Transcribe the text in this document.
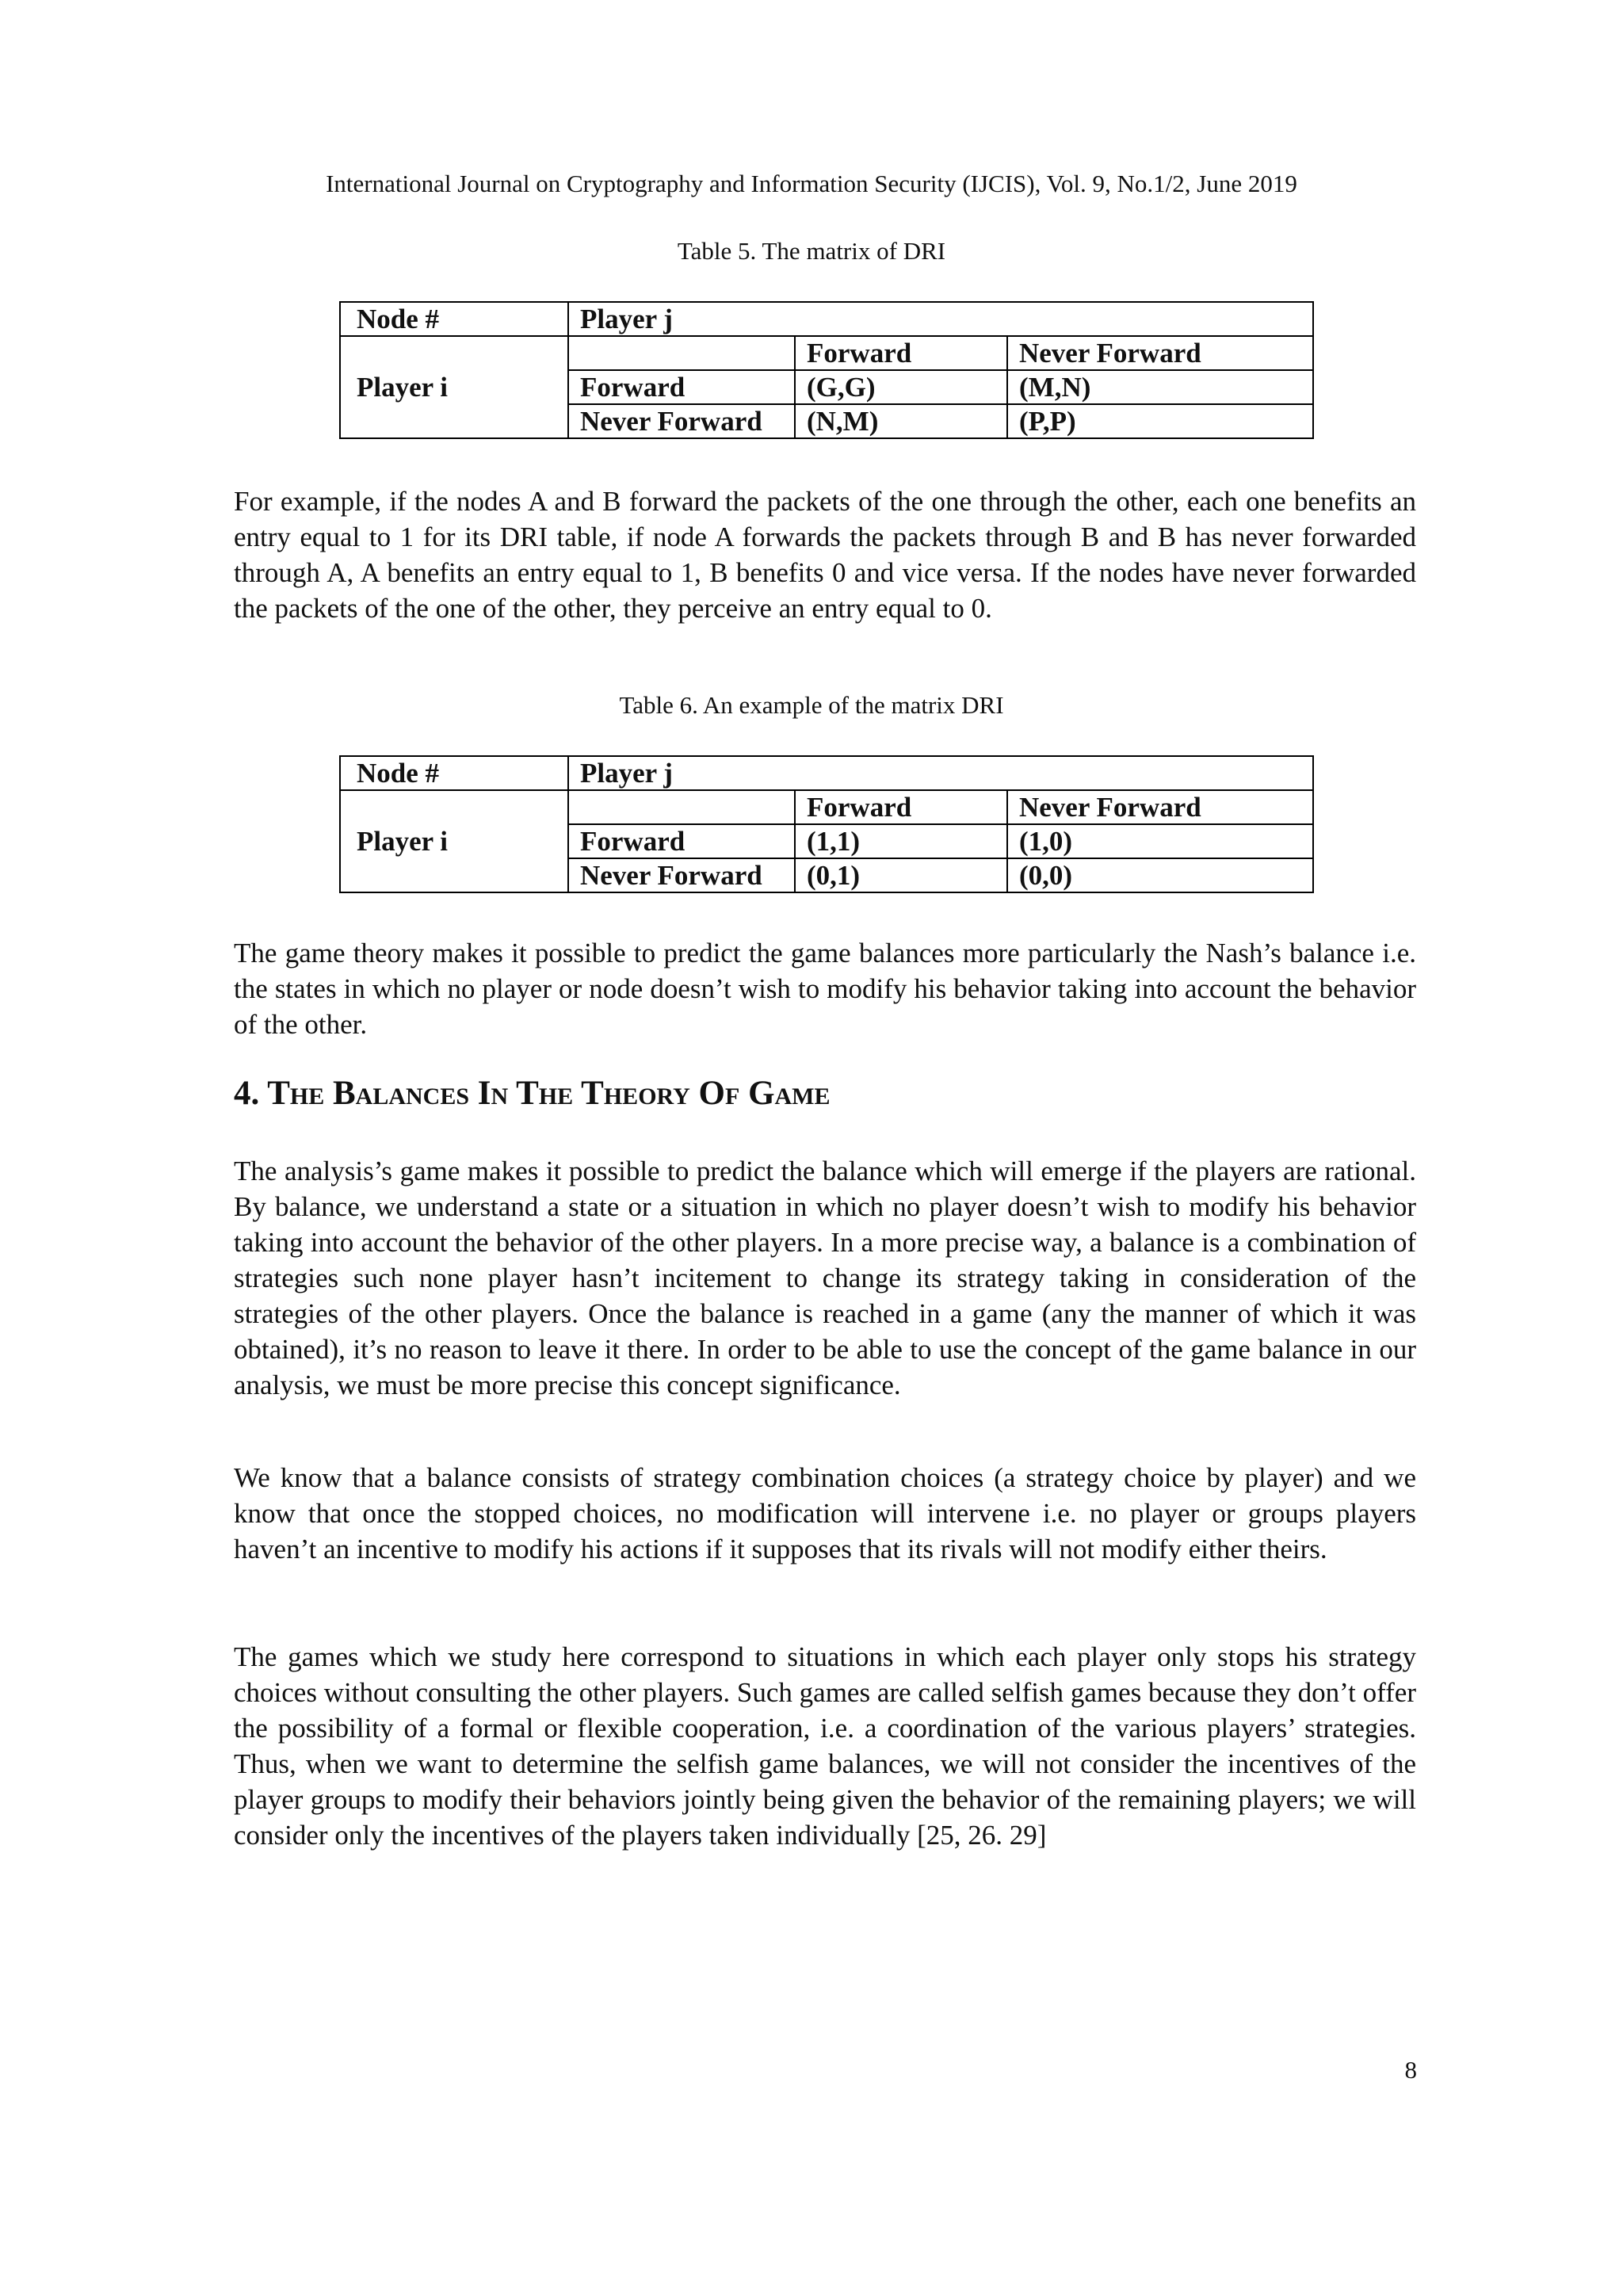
International Journal on Cryptography and Information Security (IJCIS), Vol. 9, No.1/2, June 2019
Table 5. The matrix of DRI
Node #	Player j		
Player i		Forward	Never Forward
	Forward	(G,G)	(M,N)
	Never Forward	(N,M)	(P,P)

For example, if the nodes A and B forward the packets of the one through the other, each one benefits an entry equal to 1 for its DRI table, if node A forwards the packets through B and B has never forwarded through A, A benefits an entry equal to 1, B benefits 0 and vice versa. If the nodes have never forwarded the packets of the one of the other, they perceive an entry equal to 0.

Table 6. An example of the matrix DRI
Node #	Player j		
Player i		Forward	Never Forward
	Forward	(1,1)	(1,0)
	Never Forward	(0,1)	(0,0)

The game theory makes it possible to predict the game balances more particularly the Nash’s balance i.e. the states in which no player or node doesn’t wish to modify his behavior taking into account the behavior of the other.

4. The Balances In The Theory Of Game

The analysis’s game makes it possible to predict the balance which will emerge if the players are rational. By balance, we understand a state or a situation in which no player doesn’t wish to modify his behavior taking into account the behavior of the other players. In a more precise way, a balance is a combination of strategies such none player hasn’t incitement to change its strategy taking in consideration of the strategies of the other players. Once the balance is reached in a game (any the manner of which it was obtained), it’s no reason to leave it there. In order to be able to use the concept of the game balance in our analysis, we must be more precise this concept significance.

We know that a balance consists of strategy combination choices (a strategy choice by player) and we know that once the stopped choices, no modification will intervene i.e. no player or groups players haven’t an incentive to modify his actions if it supposes that its rivals will not modify either theirs.

The games which we study here correspond to situations in which each player only stops his strategy choices without consulting the other players. Such games are called selfish games because they don’t offer the possibility of a formal or flexible cooperation, i.e. a coordination of the various players’ strategies. Thus, when we want to determine the selfish game balances, we will not consider the incentives of the player groups to modify their behaviors jointly being given the behavior of the remaining players; we will consider only the incentives of the players taken individually [25, 26. 29]

8
